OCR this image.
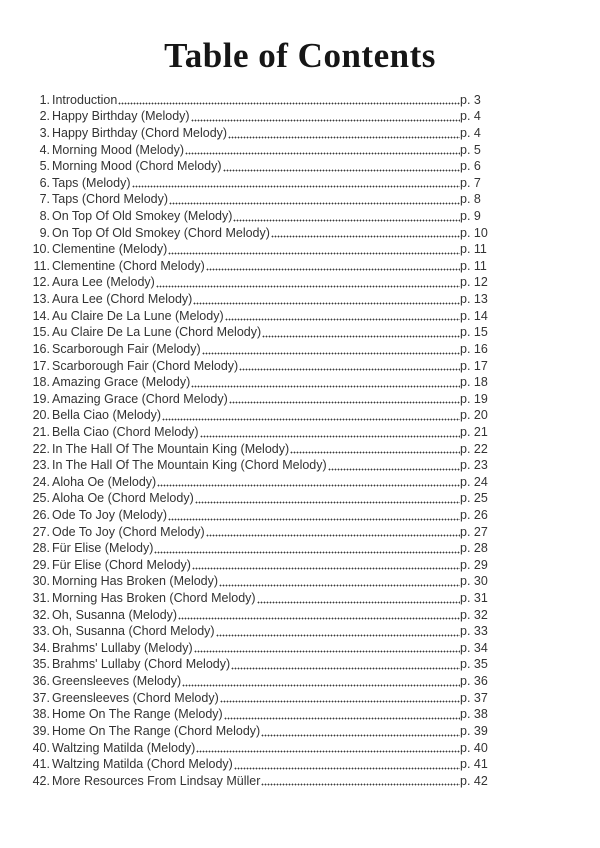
Table of Contents
1. Introduction	p. 3
2. Happy Birthday (Melody)	p. 4
3. Happy Birthday (Chord Melody)	p. 4
4. Morning Mood (Melody)	p. 5
5. Morning Mood (Chord Melody)	p. 6
6. Taps (Melody)	p. 7
7. Taps (Chord Melody)	p. 8
8. On Top Of Old Smokey (Melody)	p. 9
9. On Top Of Old Smokey (Chord Melody)	p. 10
10. Clementine (Melody)	p. 11
11. Clementine (Chord Melody)	p. 11
12. Aura Lee (Melody)	p. 12
13. Aura Lee (Chord Melody)	p. 13
14. Au Claire De La Lune (Melody)	p. 14
15. Au Claire De La Lune (Chord Melody)	p. 15
16. Scarborough Fair (Melody)	p. 16
17. Scarborough Fair (Chord Melody)	p. 17
18. Amazing Grace (Melody)	p. 18
19. Amazing Grace (Chord Melody)	p. 19
20. Bella Ciao (Melody)	p. 20
21. Bella Ciao (Chord Melody)	p. 21
22. In The Hall Of The Mountain King (Melody)	p. 22
23. In The Hall Of The Mountain King (Chord Melody)	p. 23
24. Aloha Oe (Melody)	p. 24
25. Aloha Oe (Chord Melody)	p. 25
26. Ode To Joy (Melody)	p. 26
27. Ode To Joy (Chord Melody)	p. 27
28. Für Elise (Melody)	p. 28
29. Für Elise (Chord Melody)	p. 29
30. Morning Has Broken (Melody)	p. 30
31. Morning Has Broken (Chord Melody)	p. 31
32. Oh, Susanna (Melody)	p. 32
33. Oh, Susanna (Chord Melody)	p. 33
34. Brahms' Lullaby (Melody)	p. 34
35. Brahms' Lullaby (Chord Melody)	p. 35
36. Greensleeves (Melody)	p. 36
37. Greensleeves (Chord Melody)	p. 37
38. Home On The Range (Melody)	p. 38
39. Home On The Range (Chord Melody)	p. 39
40. Waltzing Matilda (Melody)	p. 40
41. Waltzing Matilda (Chord Melody)	p. 41
42. More Resources From Lindsay Müller	p. 42
